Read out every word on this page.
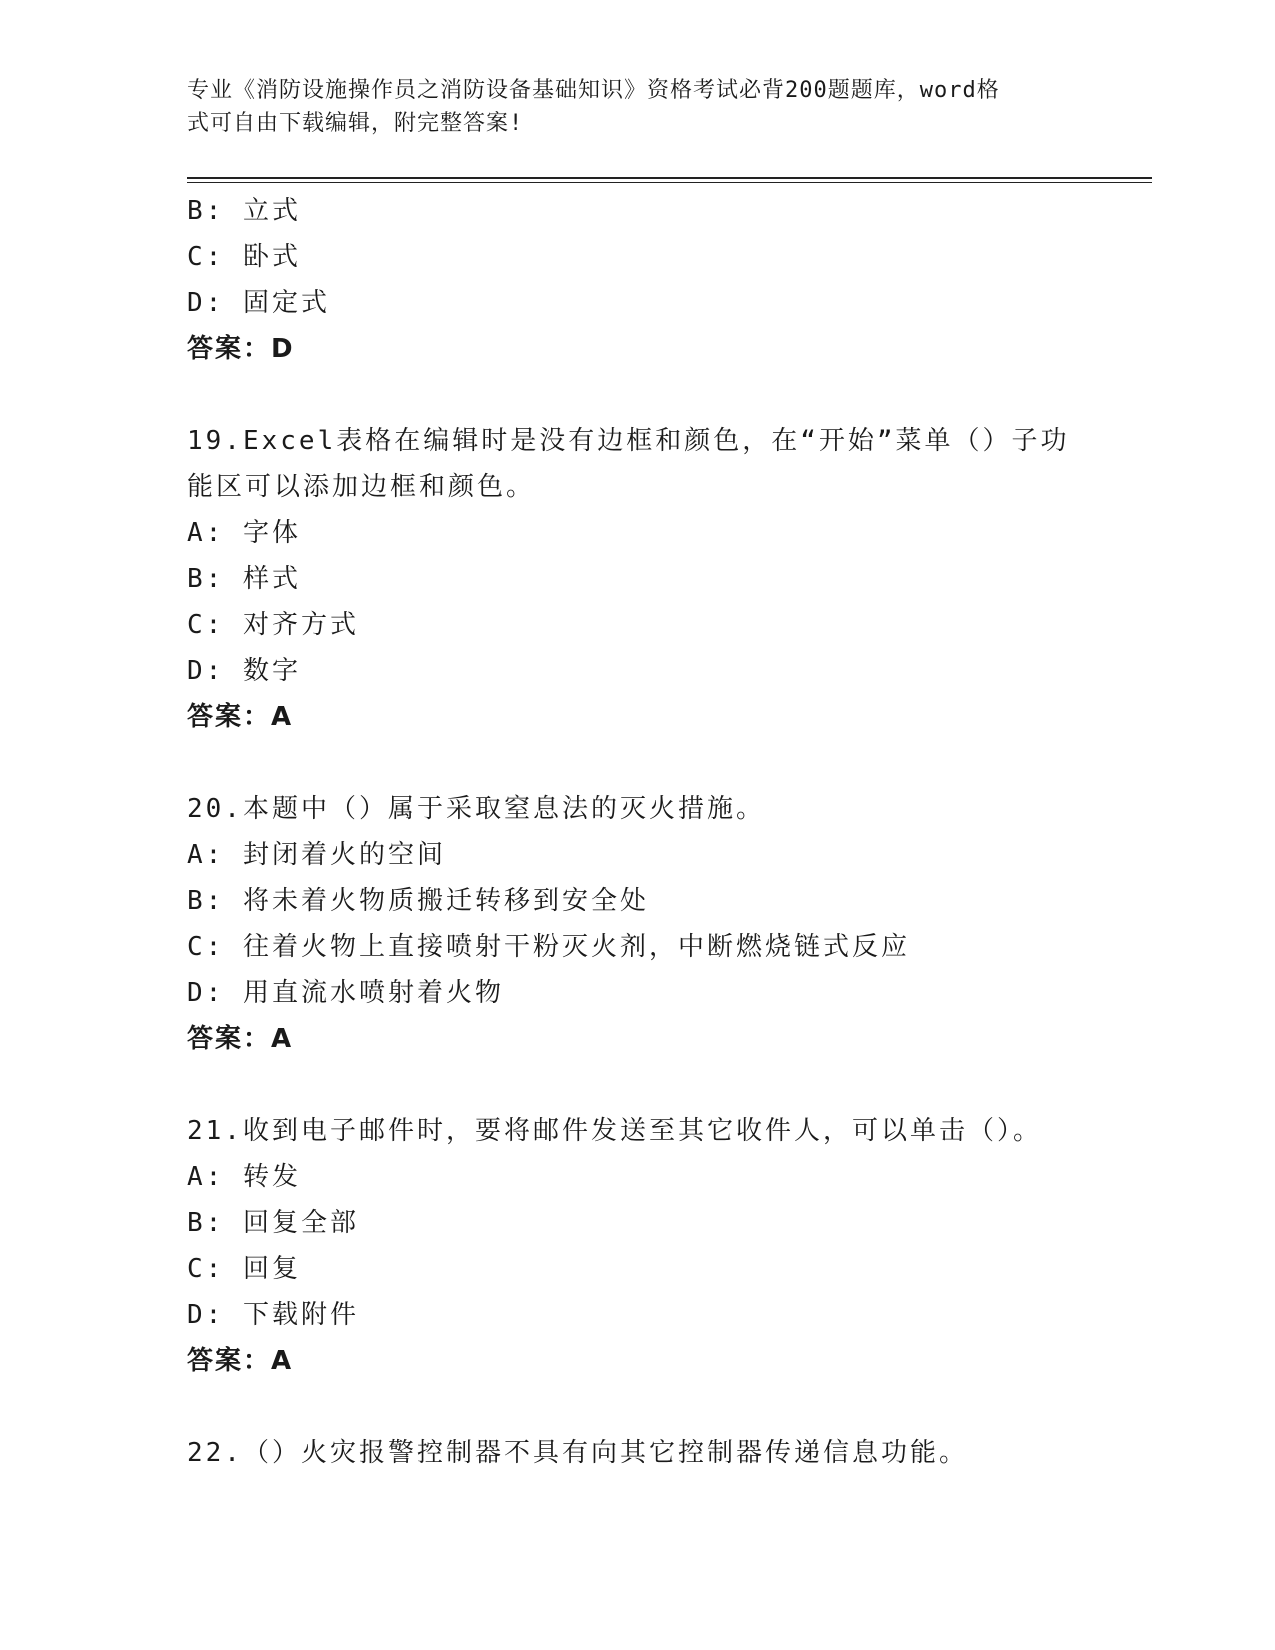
专业《消防设施操作员之消防设备基础知识》资格考试必背200题题库，word格
式可自由下载编辑，附完整答案!
B: 立式
C: 卧式
D: 固定式
答案：D
19.Excel表格在编辑时是没有边框和颜色，在“开始”菜单（）子功
能区可以添加边框和颜色。
A: 字体
B: 样式
C: 对齐方式
D: 数字
答案：A
20.本题中（）属于采取窒息法的灭火措施。
A: 封闭着火的空间
B: 将未着火物质搬迁转移到安全处
C: 往着火物上直接喷射干粉灭火剂，中断燃烧链式反应
D: 用直流水喷射着火物
答案：A
21.收到电子邮件时，要将邮件发送至其它收件人，可以单击（）。
A: 转发
B: 回复全部
C: 回复
D: 下载附件
答案：A
22.（）火灾报警控制器不具有向其它控制器传递信息功能。
